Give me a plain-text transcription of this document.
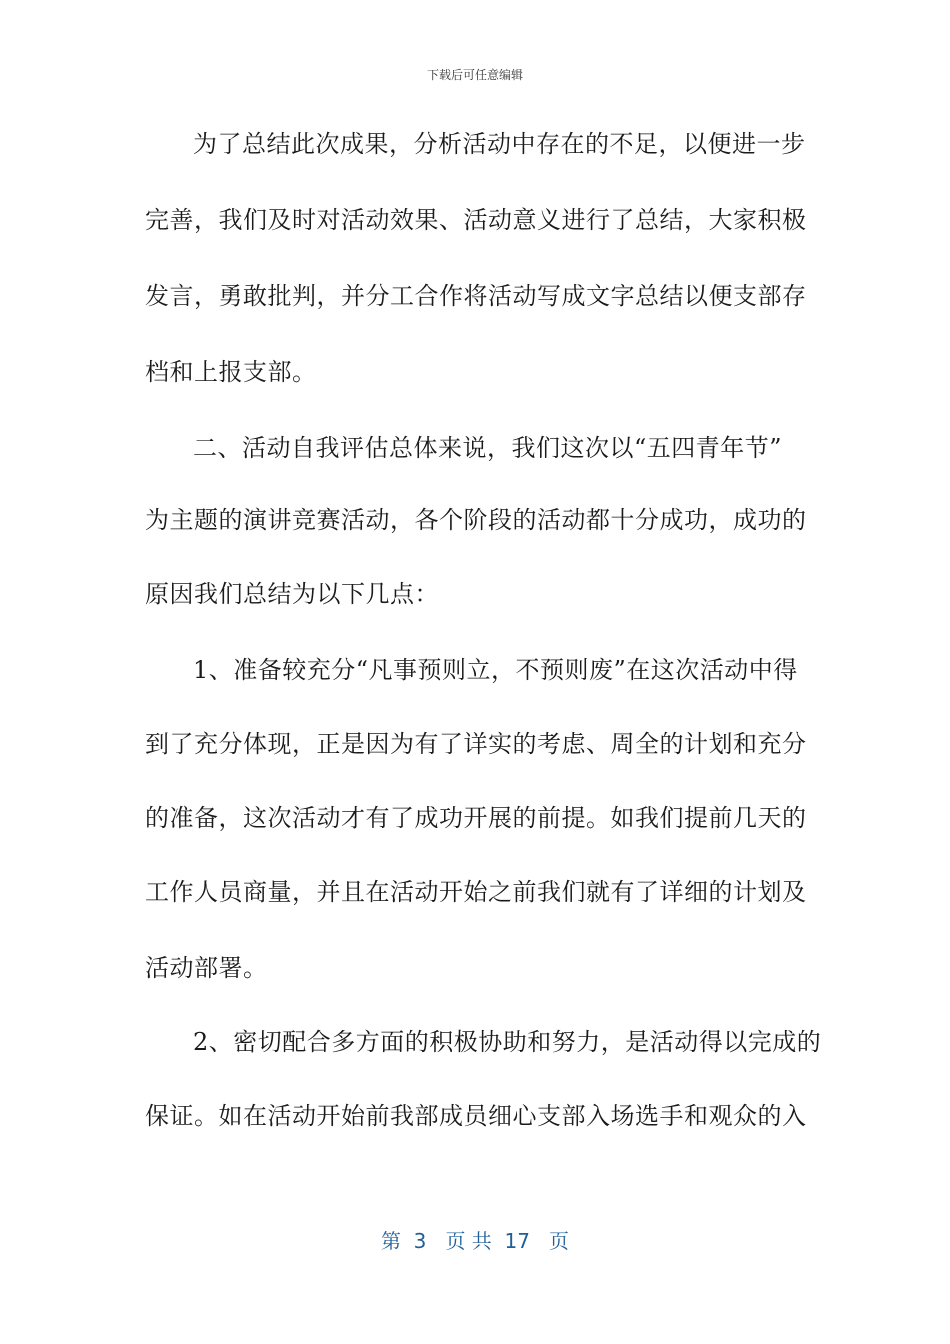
下载后可任意编辑
为了总结此次成果，分析活动中存在的不足，以便进一步
完善，我们及时对活动效果、活动意义进行了总结，大家积极
发言，勇敢批判，并分工合作将活动写成文字总结以便支部存
档和上报支部。
二、活动自我评估总体来说，我们这次以“五四青年节”
为主题的演讲竞赛活动，各个阶段的活动都十分成功，成功的
原因我们总结为以下几点：
1、准备较充分“凡事预则立，不预则废”在这次活动中得
到了充分体现，正是因为有了详实的考虑、周全的计划和充分
的准备，这次活动才有了成功开展的前提。如我们提前几天的
工作人员商量，并且在活动开始之前我们就有了详细的计划及
活动部署。
2、密切配合多方面的积极协助和努力，是活动得以完成的
保证。如在活动开始前我部成员细心支部入场选手和观众的入
第  3   页 共  17   页
